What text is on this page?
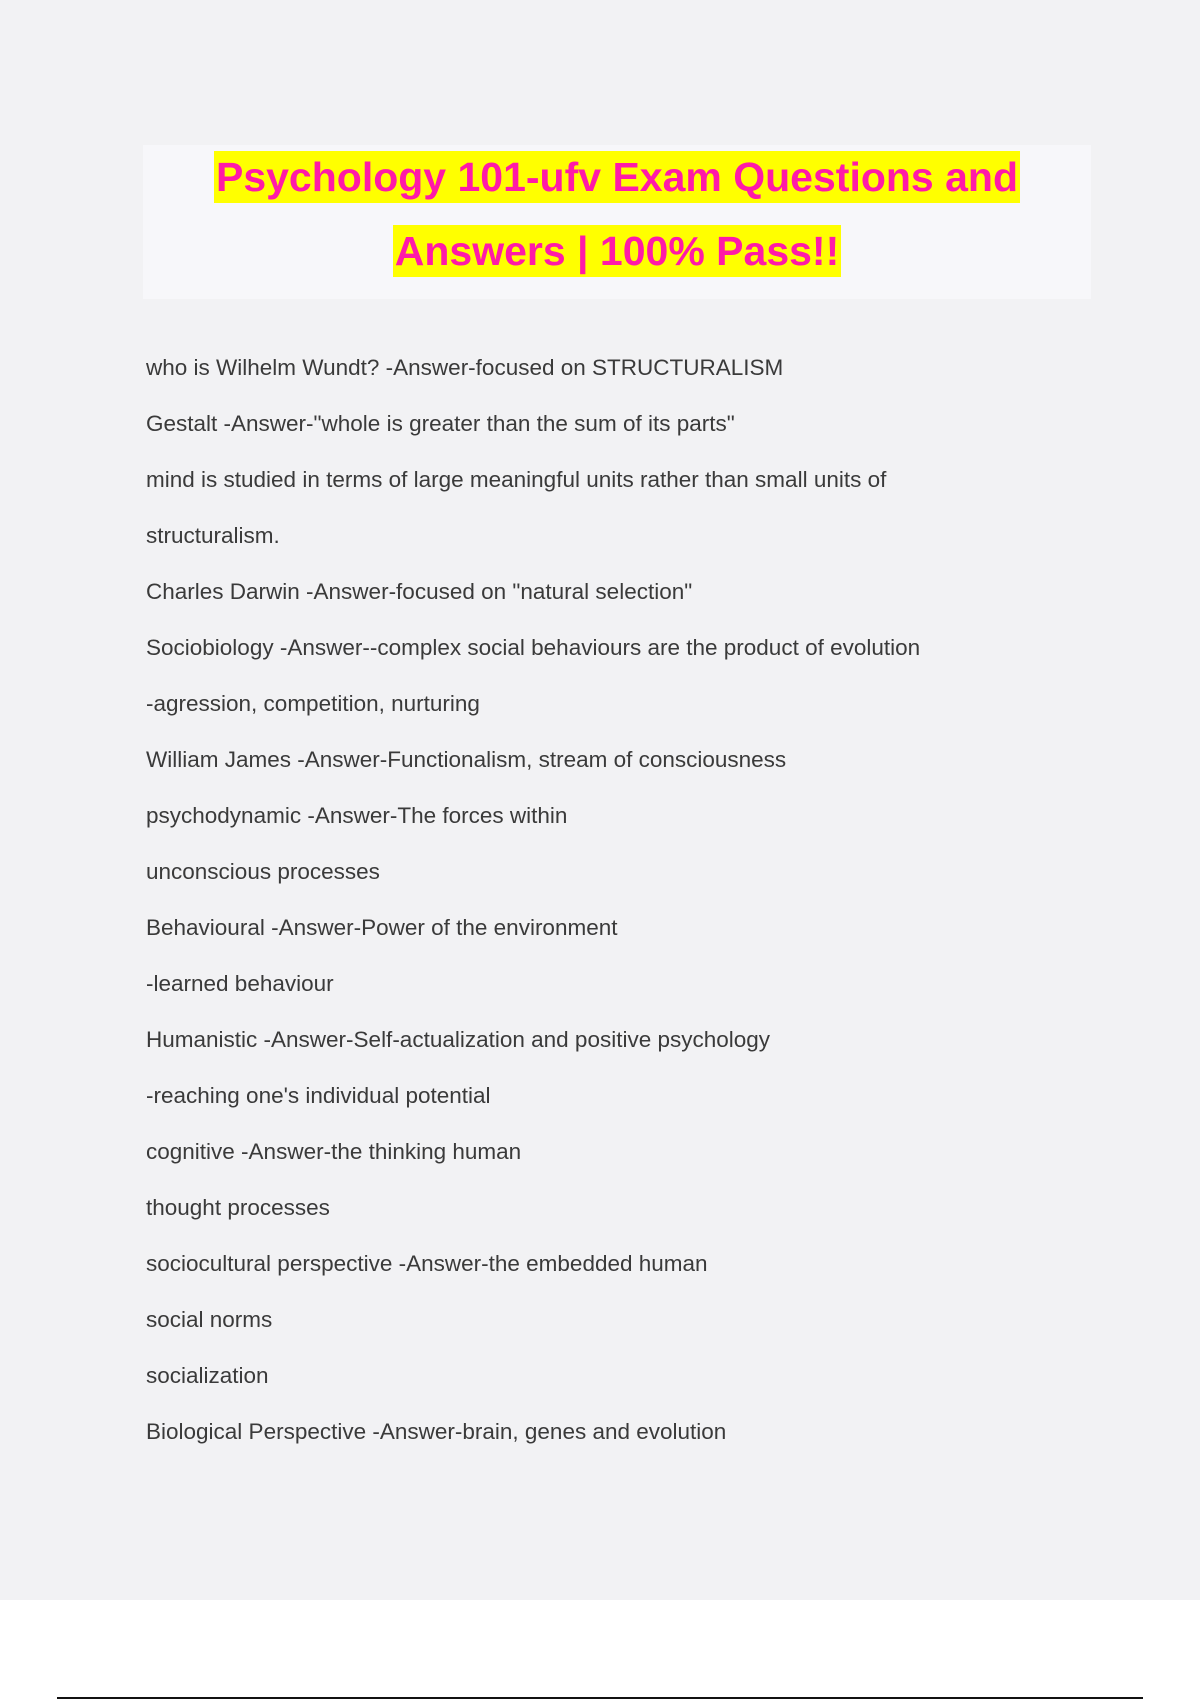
Psychology 101-ufv Exam Questions and
Answers | 100% Pass!!
who is Wilhelm Wundt? -Answer-focused on STRUCTURALISM
Gestalt -Answer-"whole is greater than the sum of its parts"
mind is studied in terms of large meaningful units rather than small units of
structuralism.
Charles Darwin -Answer-focused on "natural selection"
Sociobiology -Answer--complex social behaviours are the product of evolution
-agression, competition, nurturing
William James -Answer-Functionalism, stream of consciousness
psychodynamic -Answer-The forces within
unconscious processes
Behavioural -Answer-Power of the environment
-learned behaviour
Humanistic -Answer-Self-actualization and positive psychology
-reaching one's individual potential
cognitive -Answer-the thinking human
thought processes
sociocultural perspective -Answer-the embedded human
social norms
socialization
Biological Perspective -Answer-brain, genes and evolution
